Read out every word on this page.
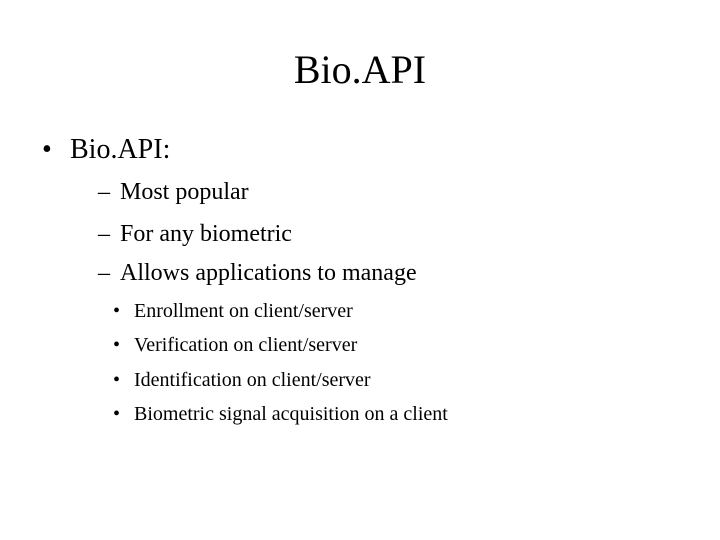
Bio.API
• Bio.API:
– Most popular
– For any biometric
– Allows applications to manage
• Enrollment on client/server
• Verification on client/server
• Identification on client/server
• Biometric signal acquisition on a client
